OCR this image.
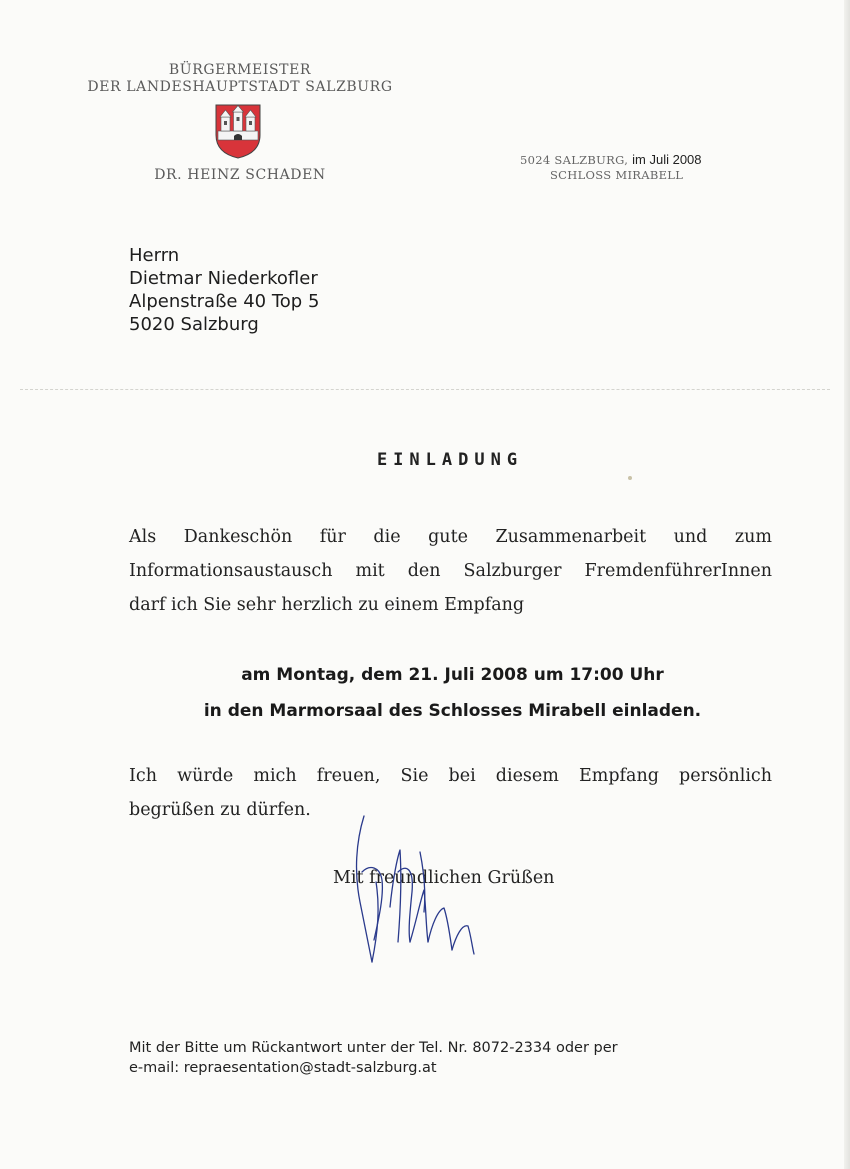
BÜRGERMEISTER
DER LANDESHAUPTSTADT SALZBURG
DR. HEINZ SCHADEN
5024 SALZBURG, im Juli 2008
SCHLOSS MIRABELL
Herrn
Dietmar Niederkofler
Alpenstraße 40 Top 5
5020 Salzburg
EINLADUNG
Als Dankeschön für die gute Zusammenarbeit und zum
Informationsaustausch mit den Salzburger FremdenführerInnen
darf ich Sie sehr herzlich zu einem Empfang
am Montag, dem 21. Juli 2008 um 17:00 Uhr
in den Marmorsaal des Schlosses Mirabell einladen.
Ich würde mich freuen, Sie bei diesem Empfang persönlich
begrüßen zu dürfen.
Mit freundlichen Grüßen
Mit der Bitte um Rückantwort unter der Tel. Nr. 8072-2334 oder per
e-mail: repraesentation@stadt-salzburg.at
